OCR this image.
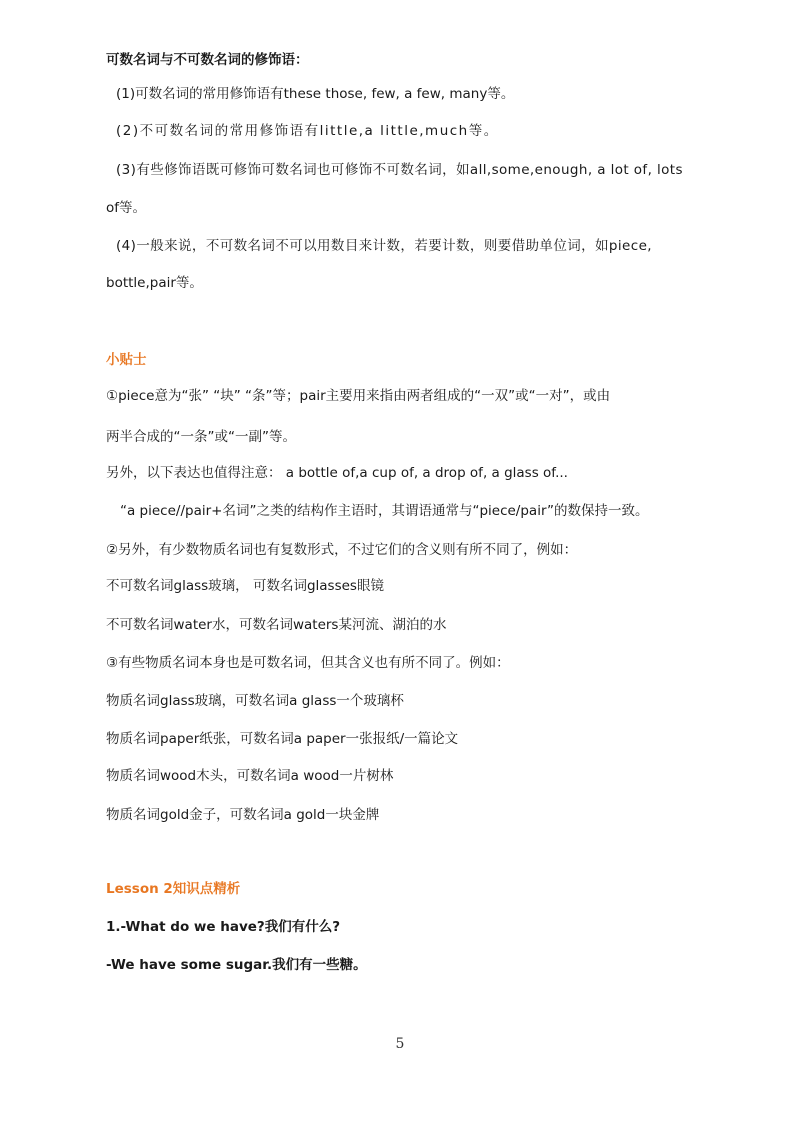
可数名词与不可数名词的修饰语：
(1)可数名词的常用修饰语有these those, few, a few, many等。
(2)不可数名词的常用修饰语有little,a little,much等。
(3)有些修饰语既可修饰可数名词也可修饰不可数名词，如all,some,enough, a lot of, lots
of等。
(4)一般来说，不可数名词不可以用数目来计数，若要计数，则要借助单位词，如piece,
bottle,pair等。
小贴士
①piece意为“张” “块” “条”等；pair主要用来指由两者组成的“一双”或“一对”，或由
两半合成的“一条”或“一副”等。
另外，以下表达也值得注意： a bottle of,a cup of, a drop of, a glass of...
“a piece//pair+名词”之类的结构作主语时，其谓语通常与“piece/pair”的数保持一致。
②另外，有少数物质名词也有复数形式，不过它们的含义则有所不同了，例如：
不可数名词glass玻璃， 可数名词glasses眼镜
不可数名词water水，可数名词waters某河流、湖泊的水
③有些物质名词本身也是可数名词，但其含义也有所不同了。例如：
物质名词glass玻璃，可数名词a glass一个玻璃杯
物质名词paper纸张，可数名词a paper一张报纸/一篇论文
物质名词wood木头，可数名词a wood一片树林
物质名词gold金子，可数名词a gold一块金牌
Lesson 2知识点精析
1.-What do we have?我们有什么?
-We have some sugar.我们有一些糖。
5
